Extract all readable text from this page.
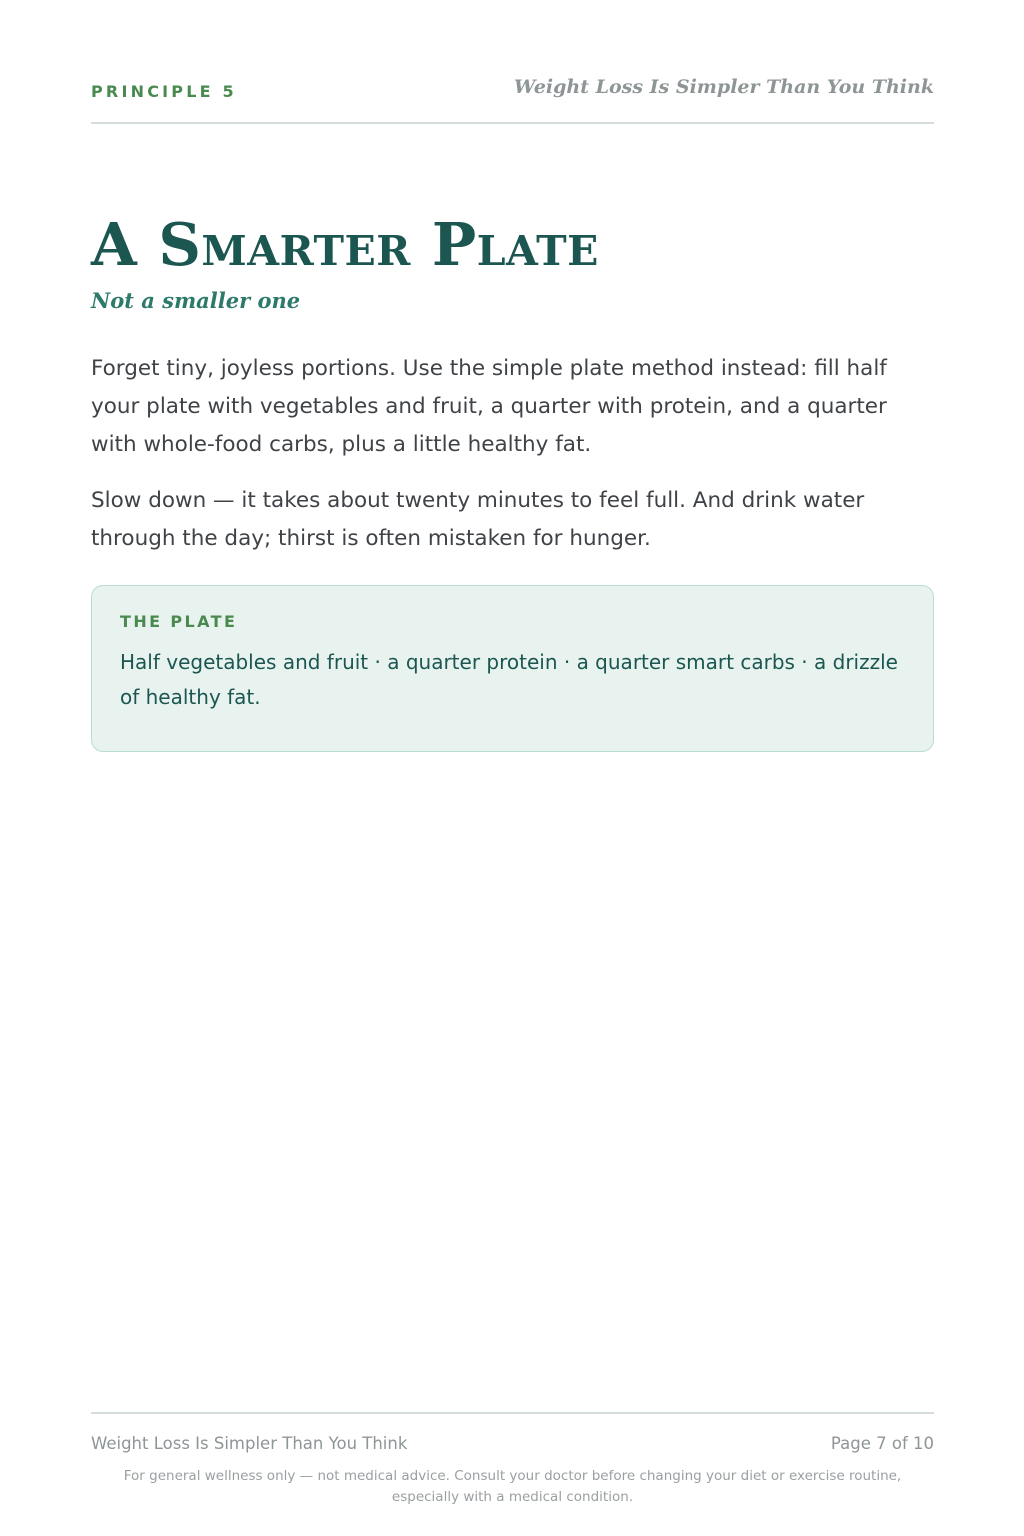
PRINCIPLE 5	Weight Loss Is Simpler Than You Think
A Smarter Plate
Not a smaller one

Forget tiny, joyless portions. Use the simple plate method instead: fill half your plate with vegetables and fruit, a quarter with protein, and a quarter with whole-food carbs, plus a little healthy fat.

Slow down — it takes about twenty minutes to feel full. And drink water through the day; thirst is often mistaken for hunger.

THE PLATE
Half vegetables and fruit · a quarter protein · a quarter smart carbs · a drizzle of healthy fat.
Weight Loss Is Simpler Than You Think	Page 7 of 10
For general wellness only — not medical advice. Consult your doctor before changing your diet or exercise routine, especially with a medical condition.
